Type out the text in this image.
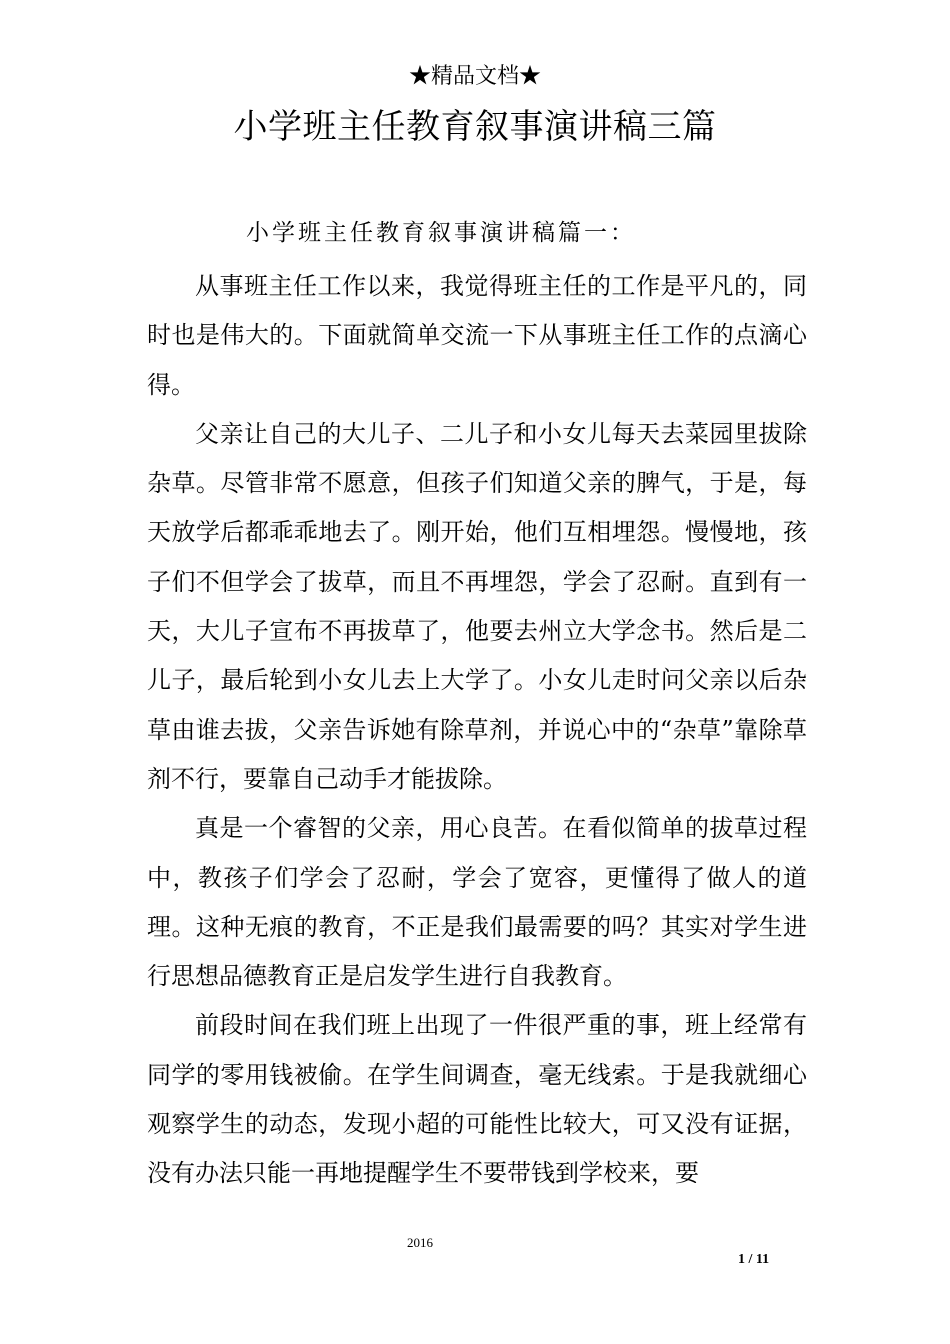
★精品文档★
小学班主任教育叙事演讲稿三篇
小学班主任教育叙事演讲稿篇一：

从事班主任工作以来，我觉得班主任的工作是平凡的，同时也是伟大的。下面就简单交流一下从事班主任工作的点滴心得。

父亲让自己的大儿子、二儿子和小女儿每天去菜园里拔除杂草。尽管非常不愿意，但孩子们知道父亲的脾气，于是，每天放学后都乖乖地去了。刚开始，他们互相埋怨。慢慢地，孩子们不但学会了拔草，而且不再埋怨，学会了忍耐。直到有一天，大儿子宣布不再拔草了，他要去州立大学念书。然后是二儿子，最后轮到小女儿去上大学了。小女儿走时问父亲以后杂草由谁去拔，父亲告诉她有除草剂，并说心中的“杂草”靠除草剂不行，要靠自己动手才能拔除。

真是一个睿智的父亲，用心良苦。在看似简单的拔草过程中，教孩子们学会了忍耐，学会了宽容，更懂得了做人的道理。这种无痕的教育，不正是我们最需要的吗？其实对学生进行思想品德教育正是启发学生进行自我教育。

前段时间在我们班上出现了一件很严重的事，班上经常有同学的零用钱被偷。在学生间调查，毫无线索。于是我就细心观察学生的动态，发现小超的可能性比较大，可又没有证据，没有办法只能一再地提醒学生不要带钱到学校来，要

2016
1 / 11
